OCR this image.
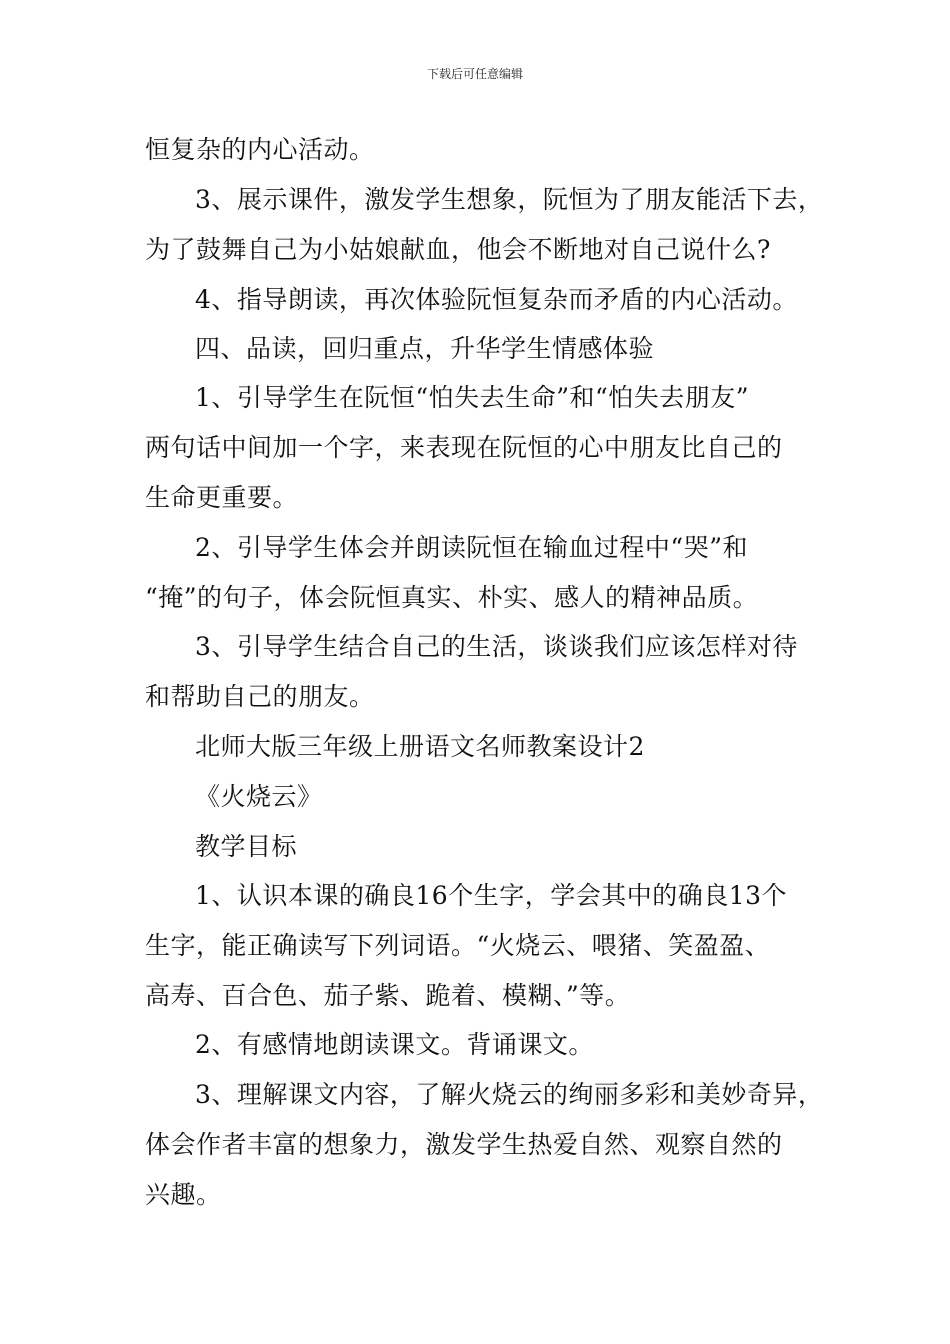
下载后可任意编辑
恒复杂的内心活动。
3、展示课件，激发学生想象，阮恒为了朋友能活下去，
为了鼓舞自己为小姑娘献血，他会不断地对自己说什么?
4、指导朗读，再次体验阮恒复杂而矛盾的内心活动。
四、品读，回归重点，升华学生情感体验
1、引导学生在阮恒“怕失去生命”和“怕失去朋友”
两句话中间加一个字，来表现在阮恒的心中朋友比自己的
生命更重要。
2、引导学生体会并朗读阮恒在输血过程中“哭”和
“掩”的句子，体会阮恒真实、朴实、感人的精神品质。
3、引导学生结合自己的生活，谈谈我们应该怎样对待
和帮助自己的朋友。
北师大版三年级上册语文名师教案设计2
《火烧云》
教学目标
1、认识本课的确良16个生字，学会其中的确良13个
生字，能正确读写下列词语。“火烧云、喂猪、笑盈盈、
高寿、百合色、茄子紫、跪着、模糊、”等。
2、有感情地朗读课文。背诵课文。
3、理解课文内容，了解火烧云的绚丽多彩和美妙奇异，
体会作者丰富的想象力，激发学生热爱自然、观察自然的
兴趣。
